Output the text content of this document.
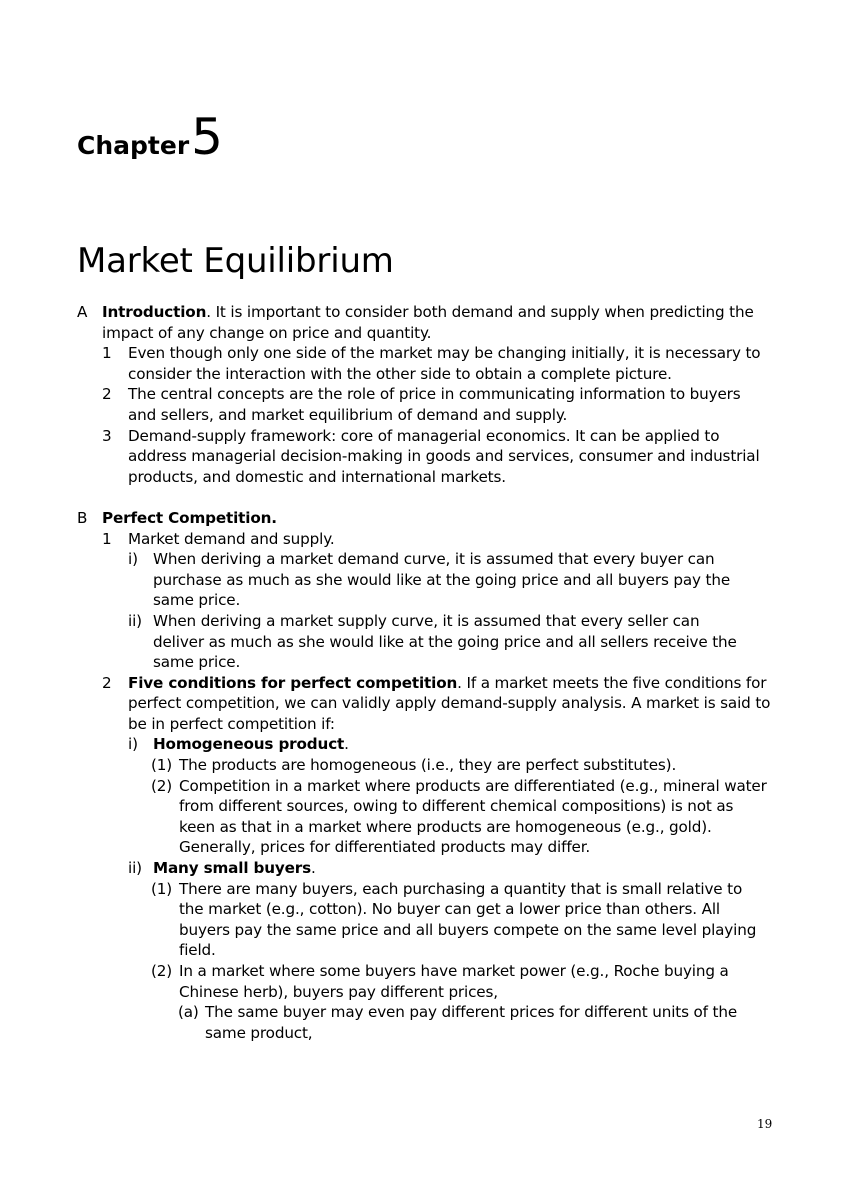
Chapter 5
Market Equilibrium
A Introduction. It is important to consider both demand and supply when predicting the impact of any change on price and quantity.
1 Even though only one side of the market may be changing initially, it is necessary to consider the interaction with the other side to obtain a complete picture.
2 The central concepts are the role of price in communicating information to buyers and sellers, and market equilibrium of demand and supply.
3 Demand-supply framework: core of managerial economics. It can be applied to address managerial decision-making in goods and services, consumer and industrial products, and domestic and international markets.
B Perfect Competition.
1 Market demand and supply.
i) When deriving a market demand curve, it is assumed that every buyer can purchase as much as she would like at the going price and all buyers pay the same price.
ii) When deriving a market supply curve, it is assumed that every seller can deliver as much as she would like at the going price and all sellers receive the same price.
2 Five conditions for perfect competition. If a market meets the five conditions for perfect competition, we can validly apply demand-supply analysis. A market is said to be in perfect competition if:
i) Homogeneous product.
(1) The products are homogeneous (i.e., they are perfect substitutes).
(2) Competition in a market where products are differentiated (e.g., mineral water from different sources, owing to different chemical compositions) is not as keen as that in a market where products are homogeneous (e.g., gold). Generally, prices for differentiated products may differ.
ii) Many small buyers.
(1) There are many buyers, each purchasing a quantity that is small relative to the market (e.g., cotton). No buyer can get a lower price than others. All buyers pay the same price and all buyers compete on the same level playing field.
(2) In a market where some buyers have market power (e.g., Roche buying a Chinese herb), buyers pay different prices,
(a) The same buyer may even pay different prices for different units of the same product,
19
